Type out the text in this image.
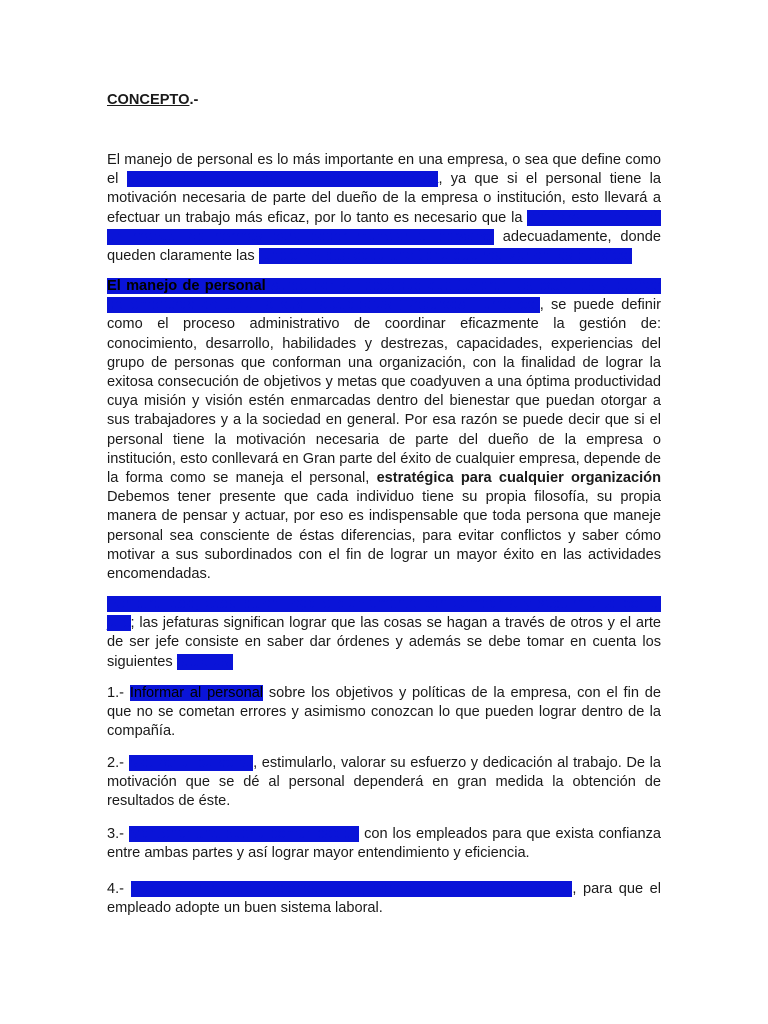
CONCEPTO.-

El manejo de personal es lo más importante en una empresa, o sea que define como el éxito que pueda llegar a tener una empresa, ya que si el personal tiene la motivación necesaria de parte del dueño de la empresa o institución, esto llevará a efectuar un trabajo más eficaz, por lo tanto es necesario que la empresa cuente con un manual de normas para poder manejar el personal adecuadamente, donde queden claramente las funciones que cada uno tiene que realizar en los puestos.

El manejo de personal surge por la necesidad que tuvieron los patrones y dueños de empresas de tener a sus trabajadores (Recursos Humanos), se puede definir como el proceso administrativo de coordinar eficazmente la gestión de: conocimiento, desarrollo, habilidades y destrezas, capacidades, experiencias del grupo de personas que conforman una organización, con la finalidad de lograr la exitosa consecución de objetivos y metas que coadyuven a una óptima productividad cuya misión y visión estén enmarcadas dentro del bienestar que puedan otorgar a sus trabajadores y a la sociedad en general. Por esa razón se puede decir que si el personal tiene la motivación necesaria de parte del dueño de la empresa o institución, esto conllevará en Gran parte del éxito de cualquier empresa, depende de la forma como se maneja el personal, estratégica para cualquier organización Debemos tener presente que cada individuo tiene su propia filosofía, su propia manera de pensar y actuar, por eso es indispensable que toda persona que maneje personal sea consciente de éstas diferencias, para evitar conflictos y saber cómo motivar a sus subordinados con el fin de lograr un mayor éxito en las actividades encomendadas.

Por otro lado, cada quien llega eficientemente con compañía y seguimiento por el jefe; las jefaturas significan lograr que las cosas se hagan a través de otros y el arte de ser jefe consiste en saber dar órdenes y además se debe tomar en cuenta los siguientes factores:

1.- Informar al personal sobre los objetivos y políticas de la empresa, con el fin de que no se cometan errores y asimismo conozcan lo que pueden lograr dentro de la compañía.

2.- Motivar al personal, estimularlo, valorar su esfuerzo y dedicación al trabajo. De la motivación que se dé al personal dependerá en gran medida la obtención de resultados de éste.

3.- Mantener una buena comunicación con los empleados para que exista confianza entre ambas partes y así lograr mayor entendimiento y eficiencia.

4.- Dar el ejemplo de responsabilidad, honestidad y ética profesional, para que el empleado adopte un buen sistema laboral.
